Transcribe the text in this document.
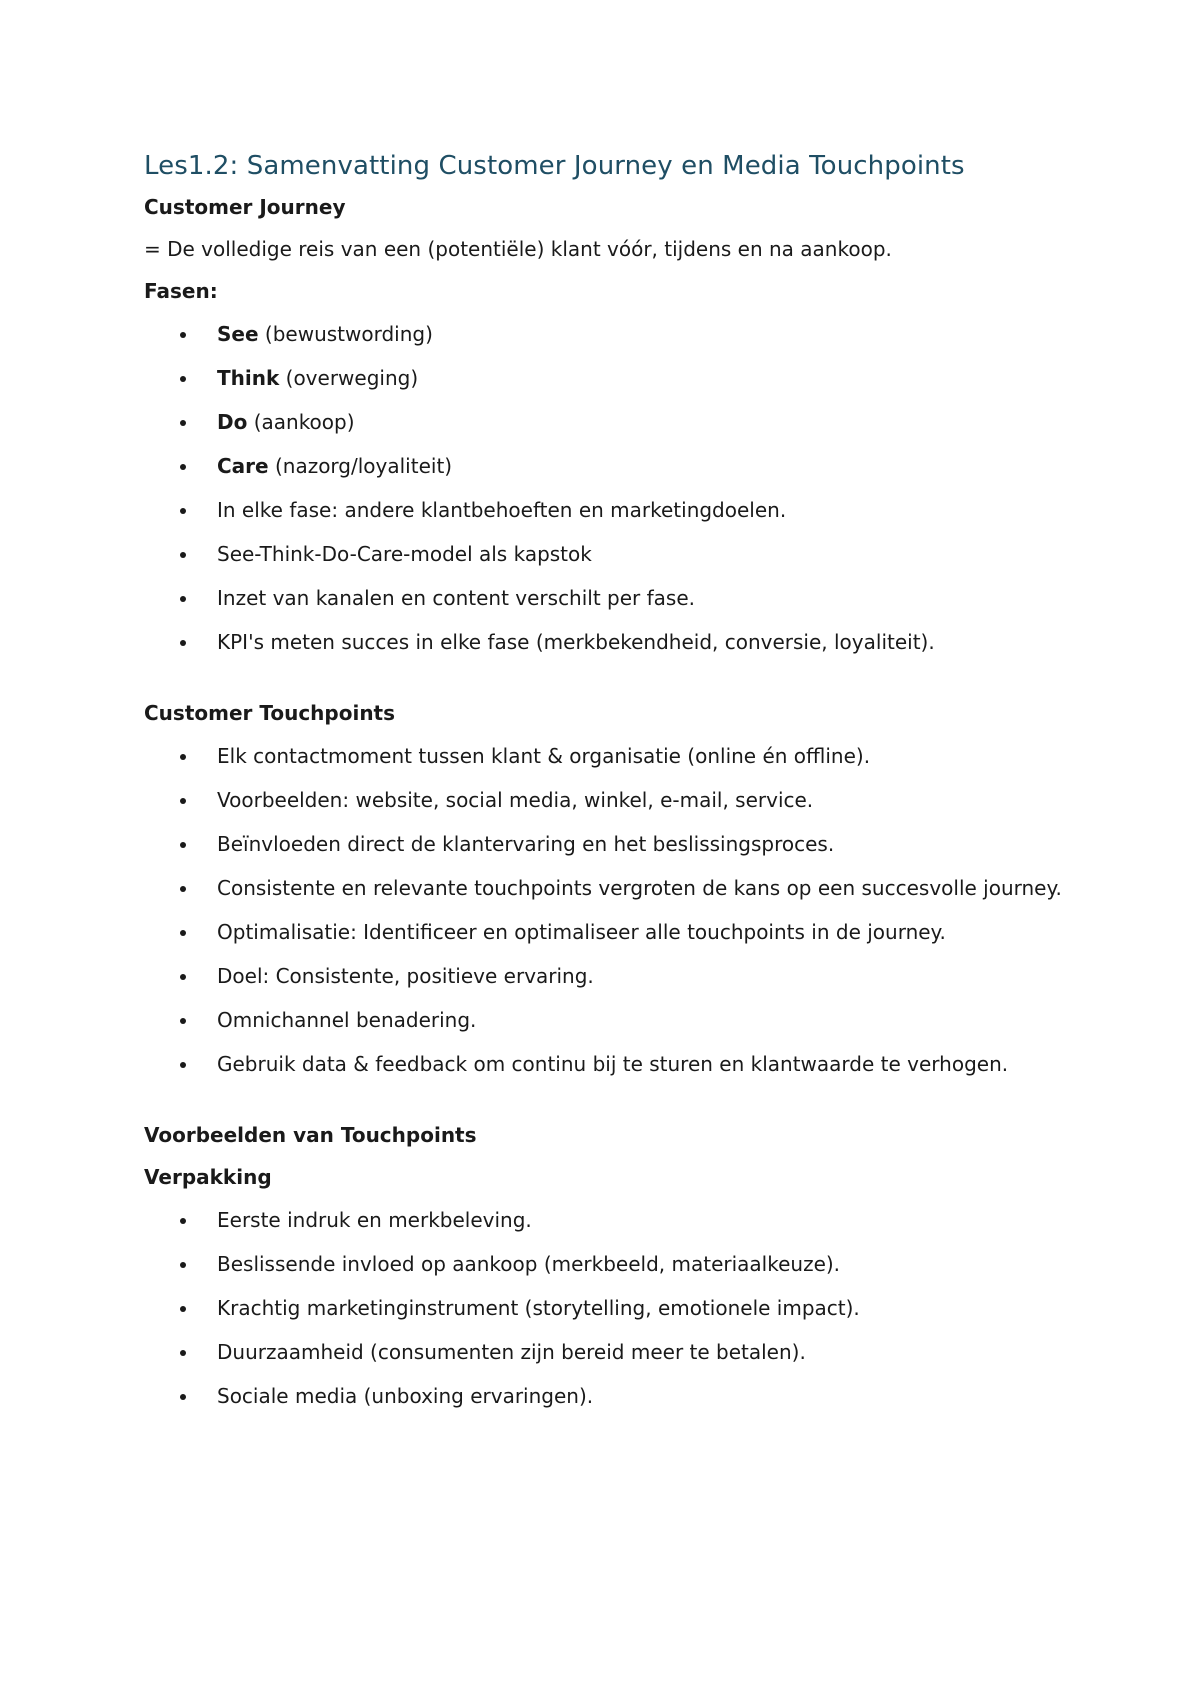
Les1.2: Samenvatting Customer Journey en Media Touchpoints
Customer Journey

= De volledige reis van een (potentiële) klant vóór, tijdens en na aankoop.

Fasen:
See (bewustwording)
Think (overweging)
Do (aankoop)
Care (nazorg/loyaliteit)
In elke fase: andere klantbehoeften en marketingdoelen.
See-Think-Do-Care-model als kapstok
Inzet van kanalen en content verschilt per fase.
KPI's meten succes in elke fase (merkbekendheid, conversie, loyaliteit).
Customer Touchpoints
Elk contactmoment tussen klant & organisatie (online én offline).
Voorbeelden: website, social media, winkel, e-mail, service.
Beïnvloeden direct de klantervaring en het beslissingsproces.
Consistente en relevante touchpoints vergroten de kans op een succesvolle journey.
Optimalisatie: Identificeer en optimaliseer alle touchpoints in de journey.
Doel: Consistente, positieve ervaring.
Omnichannel benadering.
Gebruik data & feedback om continu bij te sturen en klantwaarde te verhogen.
Voorbeelden van Touchpoints
Verpakking
Eerste indruk en merkbeleving.
Beslissende invloed op aankoop (merkbeeld, materiaalkeuze).
Krachtig marketinginstrument (storytelling, emotionele impact).
Duurzaamheid (consumenten zijn bereid meer te betalen).
Sociale media (unboxing ervaringen).
